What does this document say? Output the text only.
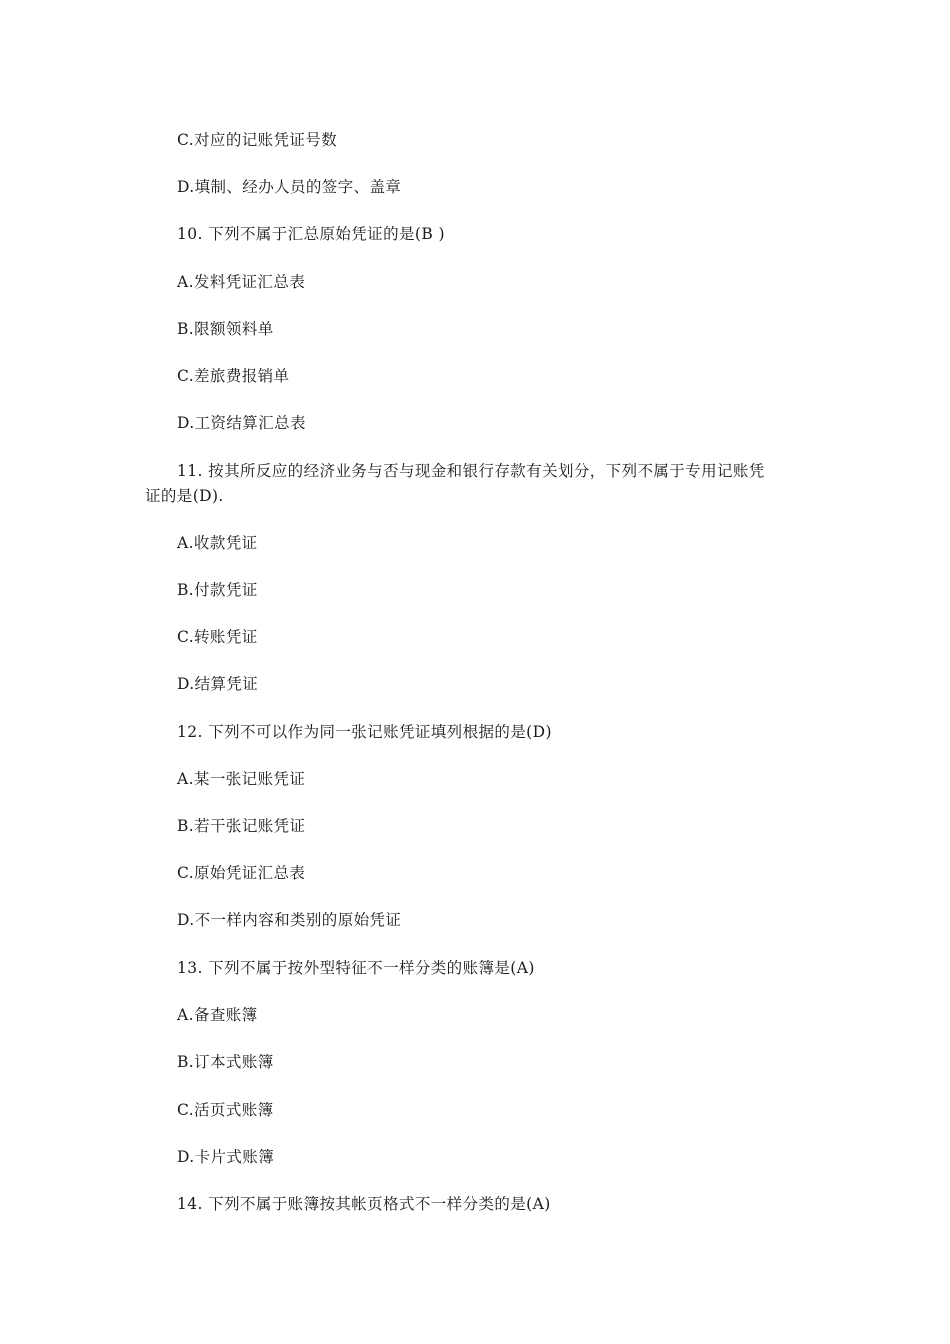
C.对应的记账凭证号数
D.填制、经办人员的签字、盖章
10. 下列不属于汇总原始凭证的是(B )
A.发料凭证汇总表
B.限额领料单
C.差旅费报销单
D.工资结算汇总表
11. 按其所反应的经济业务与否与现金和银行存款有关划分，下列不属于专用记账凭
证的是(D).
A.收款凭证
B.付款凭证
C.转账凭证
D.结算凭证
12. 下列不可以作为同一张记账凭证填列根据的是(D)
A.某一张记账凭证
B.若干张记账凭证
C.原始凭证汇总表
D.不一样内容和类别的原始凭证
13. 下列不属于按外型特征不一样分类的账簿是(A)
A.备查账簿
B.订本式账簿
C.活页式账簿
D.卡片式账簿
14. 下列不属于账簿按其帐页格式不一样分类的是(A)
